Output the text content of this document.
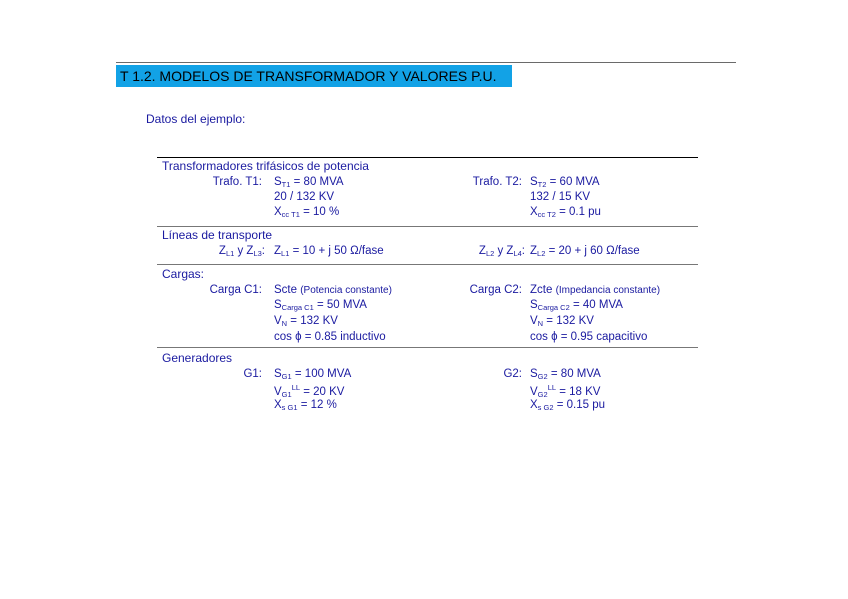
T 1.2. MODELOS DE TRANSFORMADOR Y VALORES P.U.
Datos del ejemplo:
Transformadores trifásicos de potencia
Trafo. T1: $S_{T1} = 80$ MVA
20 / 132 KV
$X_{cc T1} = 10$ %
Trafo. T2: $S_{T2} = 60$ MVA
132 / 15 KV
$X_{cc T2} = 0.1$ pu
Líneas de transporte
$Z_{L1}$ y $Z_{L3}$: $Z_{L1} = 10 + j$ 50 Ω/fase	$Z_{L2}$ y $Z_{L4}$: $Z_{L2} = 20 + j$ 60 Ω/fase
Cargas:
Carga C1: Scte (Potencia constante)
$S_{Carga C1} = 50$ MVA
$V_N = 132$ KV
cos ϕ = 0.85 inductivo
Carga C2: Zcte (Impedancia constante)
$S_{Carga C2} = 40$ MVA
$V_N = 132$ KV
cos ϕ = 0.95 capacitivo
Generadores
G1: $S_{G1} = 100$ MVA
$V_{G1}^{LL} = 20$ KV
$X_{s G1} = 12$ %
G2: $S_{G2} = 80$ MVA
$V_{G2}^{LL} = 18$ KV
$X_{s G2} = 0.15$ pu
